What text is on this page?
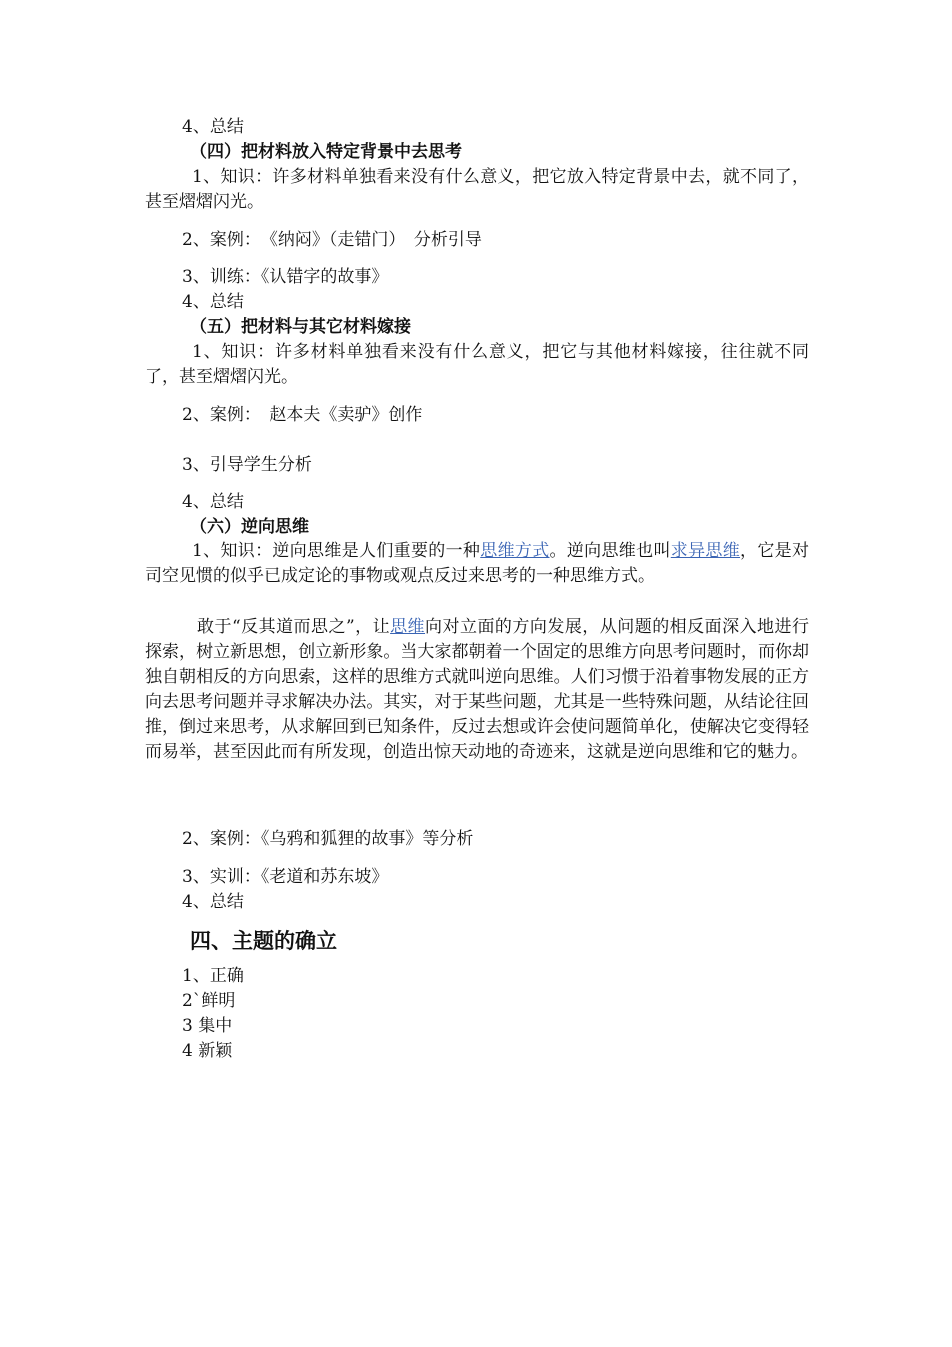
4、总结
（四）把材料放入特定背景中去思考
1、知识：许多材料单独看来没有什么意义，把它放入特定背景中去，就不同了，甚至熠熠闪光。
2、案例：　《纳闷》（走错门）　分析引导
3、训练：《认错字的故事》
4、总结
（五）把材料与其它材料嫁接
1、知识：许多材料单独看来没有什么意义，把它与其他材料嫁接，往往就不同了，甚至熠熠闪光。
2、案例：　赵本夫《卖驴》创作
3、引导学生分析
4、总结
（六）逆向思维
1、知识：逆向思维是人们重要的一种思维方式。逆向思维也叫求异思维，它是对司空见惯的似乎已成定论的事物或观点反过来思考的一种思维方式。
敢于“反其道而思之”，让思维向对立面的方向发展，从问题的相反面深入地进行探索，树立新思想，创立新形象。当大家都朝着一个固定的思维方向思考问题时，而你却独自朝相反的方向思索，这样的思维方式就叫逆向思维。人们习惯于沿着事物发展的正方向去思考问题并寻求解决办法。其实，对于某些问题，尤其是一些特殊问题，从结论往回推，倒过来思考，从求解回到已知条件，反过去想或许会使问题简单化，使解决它变得轻而易举，甚至因此而有所发现，创造出惊天动地的奇迹来，这就是逆向思维和它的魅力。
2、案例：《乌鸦和狐狸的故事》等分析
3、实训：《老道和苏东坡》
4、总结
四、主题的确立
1、正确
2`鲜明
3 集中
4 新颖
